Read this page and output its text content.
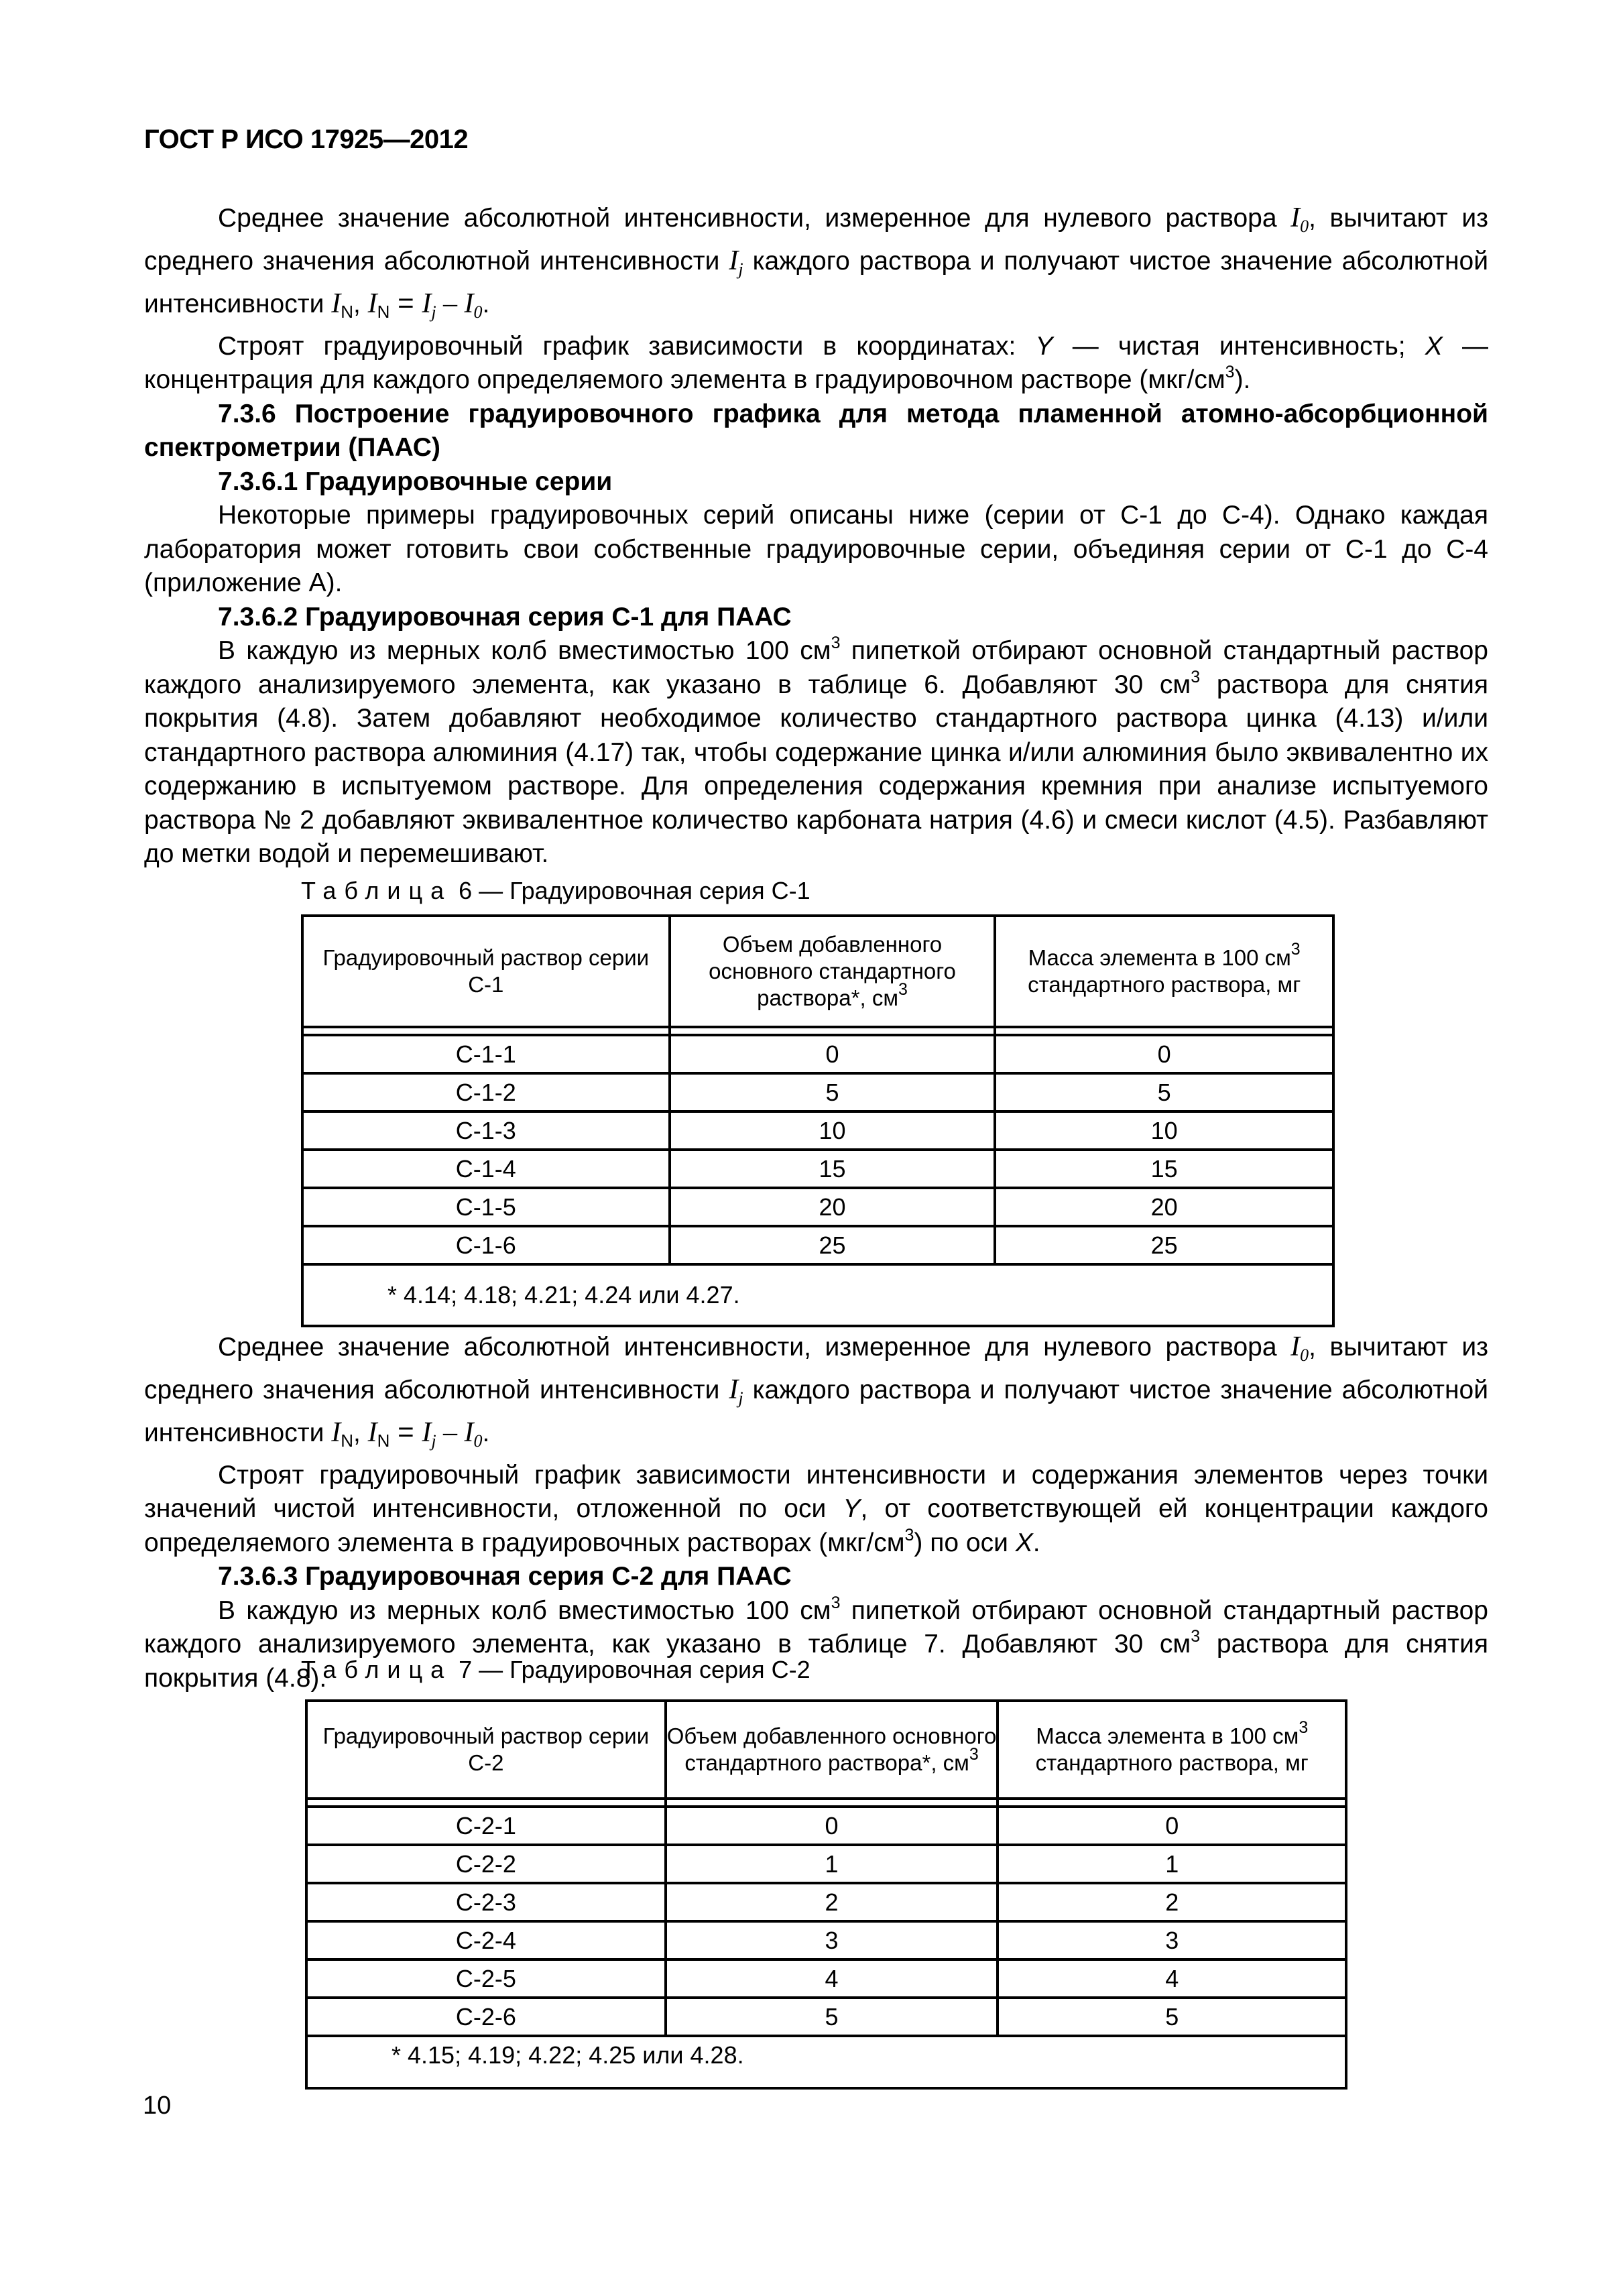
ГОСТ Р ИСО 17925—2012

Среднее значение абсолютной интенсивности, измеренное для нулевого раствора I0, вычитают из среднего значения абсолютной интенсивности Ij каждого раствора и получают чистое значение абсолютной интенсивности $I_N$, $I_N = Ij - I0$.

Строят градуировочный график зависимости в координатах: Y — чистая интенсивность; X — концентрация для каждого определяемого элемента в градуировочном растворе $(мкг/см^3)$.

7.3.6 Построение градуировочного графика для метода пламенной атомно-абсорбционной спектрометрии (ПААС)

7.3.6.1 Градуировочные серии

Некоторые примеры градуировочных серий описаны ниже (серии от С-1 до С-4). Однако каждая лаборатория может готовить свои собственные градуировочные серии, объединяя серии от С-1 до С-4 (приложение А).

7.3.6.2 Градуировочная серия С-1 для ПААС

В каждую из мерных колб вместимостью 100 $см^3$ пипеткой отбирают основной стандартный раствор каждого анализируемого элемента, как указано в таблице 6. Добавляют 30 $см^3$ раствора для снятия покрытия (4.8). Затем добавляют необходимое количество стандартного раствора цинка (4.13) и/или стандартного раствора алюминия (4.17) так, чтобы содержание цинка и/или алюминия было эквивалентно их содержанию в испытуемом растворе. Для определения содержания кремния при анализе испытуемого раствора № 2 добавляют эквивалентное количество карбоната натрия (4.6) и смеси кислот (4.5). Разбавляют до метки водой и перемешивают.

Таблица 6 — Градуировочная серия С-1
Градуировочный раствор серии С-1	Объем добавленного основного стандартного раствора*, $см^3$	Масса элемента в 100 $см^3$ стандартного раствора, мг

С-1-1	0	0
С-1-2	5	5
С-1-3	10	10
С-1-4	15	15
С-1-5	20	20
С-1-6	25	25
* 4.14; 4.18; 4.21; 4.24 или 4.27.		

Среднее значение абсолютной интенсивности, измеренное для нулевого раствора I0, вычитают из среднего значения абсолютной интенсивности Ij каждого раствора и получают чистое значение абсолютной интенсивности $I_N$, $I_N = Ij - I0$.

Строят градуировочный график зависимости интенсивности и содержания элементов через точки значений чистой интенсивности, отложенной по оси Y, от соответствующей ей концентрации каждого определяемого элемента в градуировочных растворах $(мкг/см^3)$ по оси X.

7.3.6.3 Градуировочная серия С-2 для ПААС

В каждую из мерных колб вместимостью 100 $см^3$ пипеткой отбирают основной стандартный раствор каждого анализируемого элемента, как указано в таблице 7. Добавляют 30 $см^3$ раствора для снятия покрытия (4.8).

Таблица 7 — Градуировочная серия С-2
Градуировочный раствор серии С-2	Объем добавленного основного стандартного раствора*, $см^3$	Масса элемента в 100 $см^3$ стандартного раствора, мг

С-2-1	0	0
С-2-2	1	1
С-2-3	2	2
С-2-4	3	3
С-2-5	4	4
С-2-6	5	5
* 4.15; 4.19; 4.22; 4.25 или 4.28.		
10
